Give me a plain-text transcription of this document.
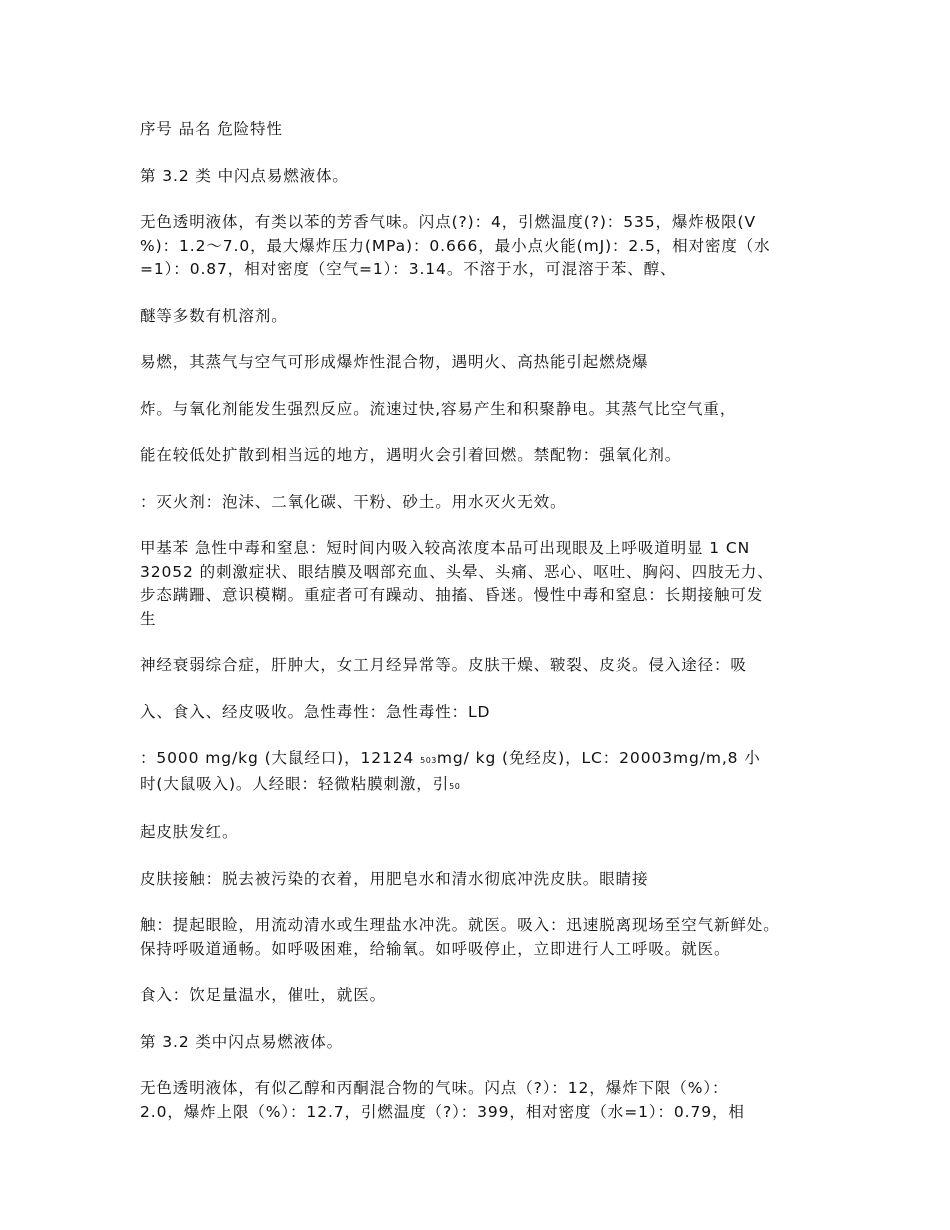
序号 品名 危险特性

第 3.2 类 中闪点易燃液体。

无色透明液体，有类以苯的芳香气味。闪点(?)：4，引燃温度(?)：535，爆炸极限(V
%)：1.2～7.0，最大爆炸压力(MPa)：0.666，最小点火能(mJ)：2.5，相对密度（水
=1）：0.87，相对密度（空气=1）：3.14。不溶于水，可混溶于苯、醇、

醚等多数有机溶剂。

易燃，其蒸气与空气可形成爆炸性混合物，遇明火、高热能引起燃烧爆

炸。与氧化剂能发生强烈反应。流速过快,容易产生和积聚静电。其蒸气比空气重，

能在较低处扩散到相当远的地方，遇明火会引着回燃。禁配物：强氧化剂。

：灭火剂：泡沫、二氧化碳、干粉、砂土。用水灭火无效。

甲基苯 急性中毒和窒息：短时间内吸入较高浓度本品可出现眼及上呼吸道明显 1 CN
32052 的刺激症状、眼结膜及咽部充血、头晕、头痛、恶心、呕吐、胸闷、四肢无力、
步态蹒跚、意识模糊。重症者可有躁动、抽搐、昏迷。慢性中毒和窒息：长期接触可发
生

神经衰弱综合症，肝肿大，女工月经异常等。皮肤干燥、皲裂、皮炎。侵入途径：吸

入、食入、经皮吸收。急性毒性：急性毒性：LD

：5000 mg/kg (大鼠经口)，12124 503mg/ kg (免经皮)，LC：20003mg/m,8 小
时(大鼠吸入)。人经眼：轻微粘膜刺激，引50

起皮肤发红。

皮肤接触：脱去被污染的衣着，用肥皂水和清水彻底冲洗皮肤。眼睛接

触：提起眼睑，用流动清水或生理盐水冲洗。就医。吸入：迅速脱离现场至空气新鲜处。
保持呼吸道通畅。如呼吸困难，给输氧。如呼吸停止，立即进行人工呼吸。就医。

食入：饮足量温水，催吐，就医。

第 3.2 类中闪点易燃液体。

无色透明液体，有似乙醇和丙酮混合物的气味。闪点（?）：12，爆炸下限（%）：
2.0，爆炸上限（%）：12.7，引燃温度（?）：399，相对密度（水=1）：0.79，相
